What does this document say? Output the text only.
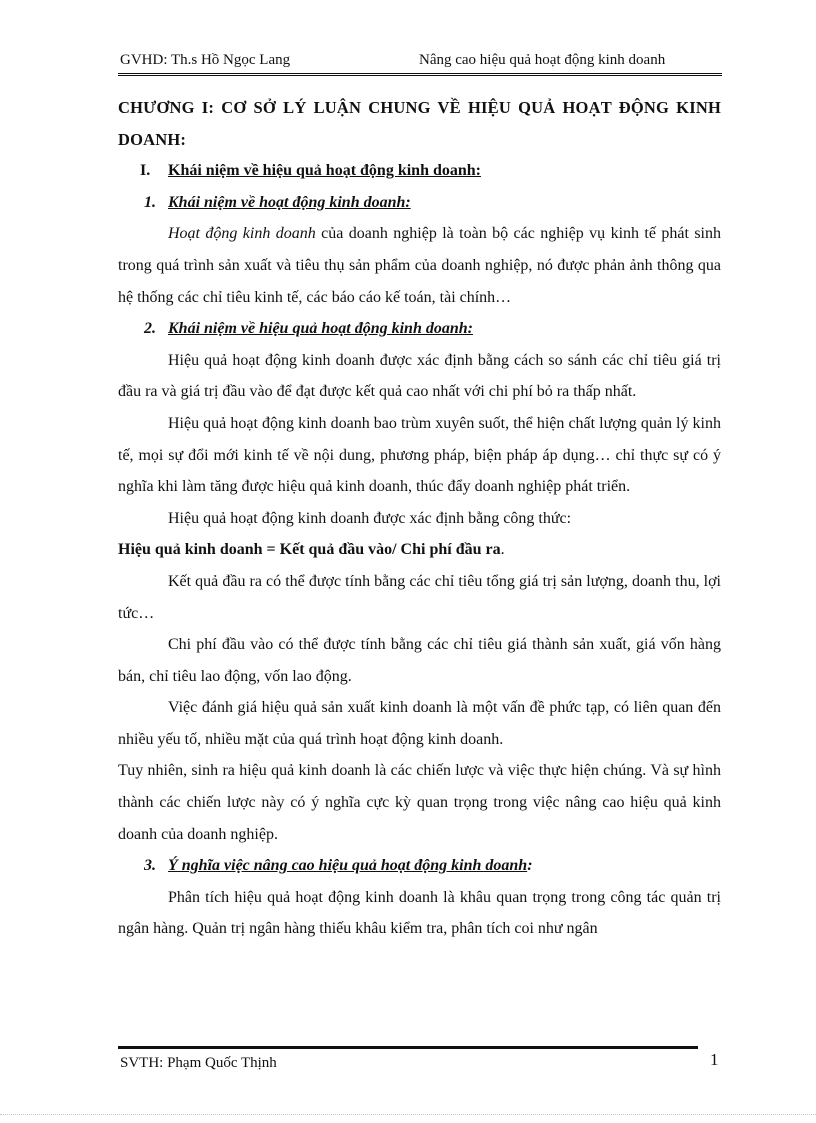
GVHD: Th.s Hồ Ngọc Lang	Nâng cao hiệu quả hoạt động kinh doanh

CHƯƠNG I: CƠ SỞ LÝ LUẬN CHUNG VỀ HIỆU QUẢ HOẠT ĐỘNG KINH DOANH:

I. Khái niệm về hiệu quả hoạt động kinh doanh:
1. Khái niệm về hoạt động kinh doanh:

Hoạt động kinh doanh của doanh nghiệp là toàn bộ các nghiệp vụ kinh tế phát sinh trong quá trình sản xuất và tiêu thụ sản phẩm của doanh nghiệp, nó được phản ảnh thông qua hệ thống các chỉ tiêu kinh tế, các báo cáo kế toán, tài chính…

2. Khái niệm về hiệu quả hoạt động kinh doanh:

Hiệu quả hoạt động kinh doanh được xác định bằng cách so sánh các chỉ tiêu giá trị đầu ra và giá trị đầu vào để đạt được kết quả cao nhất với chi phí bỏ ra thấp nhất.

Hiệu quả hoạt động kinh doanh bao trùm xuyên suốt, thể hiện chất lượng quản lý kinh tế, mọi sự đổi mới kinh tế về nội dung, phương pháp, biện pháp áp dụng… chỉ thực sự có ý nghĩa khi làm tăng được hiệu quả kinh doanh, thúc đẩy doanh nghiệp phát triển.

Hiệu quả hoạt động kinh doanh được xác định bằng công thức:

Hiệu quả kinh doanh = Kết quả đầu vào/ Chi phí đầu ra.

Kết quả đầu ra có thể được tính bằng các chỉ tiêu tổng giá trị sản lượng, doanh thu, lợi tức…

Chi phí đầu vào có thể được tính bằng các chỉ tiêu giá thành sản xuất, giá vốn hàng bán, chỉ tiêu lao động, vốn lao động.

Việc đánh giá hiệu quả sản xuất kinh doanh là một vấn đề phức tạp, có liên quan đến nhiều yếu tố, nhiều mặt của quá trình hoạt động kinh doanh.

Tuy nhiên, sinh ra hiệu quả kinh doanh là các chiến lược và việc thực hiện chúng. Và sự hình thành các chiến lược này có ý nghĩa cực kỳ quan trọng trong việc nâng cao hiệu quả kinh doanh của doanh nghiệp.

3. Ý nghĩa việc nâng cao hiệu quả hoạt động kinh doanh:

Phân tích hiệu quả hoạt động kinh doanh là khâu quan trọng trong công tác quản trị ngân hàng. Quản trị ngân hàng thiếu khâu kiểm tra, phân tích coi như ngân

SVTH: Phạm Quốc Thịnh	1
